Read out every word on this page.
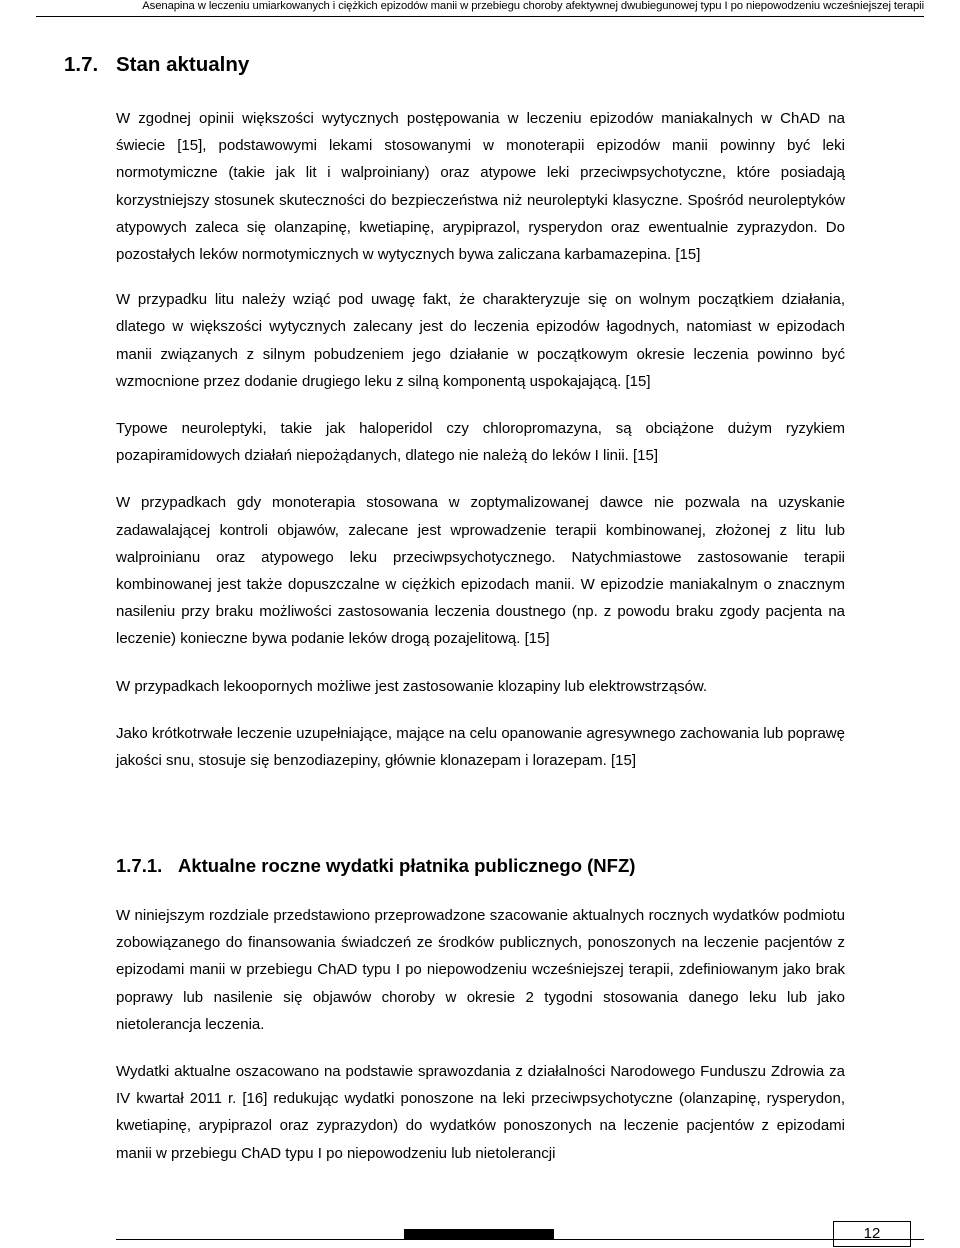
Asenapina w leczeniu umiarkowanych i ciężkich epizodów manii w przebiegu choroby afektywnej dwubiegunowej typu I po niepowodzeniu wcześniejszej terapii
1.7. Stan aktualny

W zgodnej opinii większości wytycznych postępowania w leczeniu epizodów maniakalnych w ChAD na świecie [15], podstawowymi lekami stosowanymi w monoterapii epizodów manii powinny być leki normotymiczne (takie jak lit i walproiniany) oraz atypowe leki przeciwpsychotyczne, które posiadają korzystniejszy stosunek skuteczności do bezpieczeństwa niż neuroleptyki klasyczne. Spośród neuroleptyków atypowych zaleca się olanzapinę, kwetiapinę, arypiprazol, rysperydon oraz ewentualnie zyprazydon. Do pozostałych leków normotymicznych w wytycznych bywa zaliczana karbamazepina. [15]

W przypadku litu należy wziąć pod uwagę fakt, że charakteryzuje się on wolnym początkiem działania, dlatego w większości wytycznych zalecany jest do leczenia epizodów łagodnych, natomiast w epizodach manii związanych z silnym pobudzeniem jego działanie w początkowym okresie leczenia powinno być wzmocnione przez dodanie drugiego leku z silną komponentą uspokajającą. [15]

Typowe neuroleptyki, takie jak haloperidol czy chloropromazyna, są obciążone dużym ryzykiem pozapiramidowych działań niepożądanych, dlatego nie należą do leków I linii. [15]

W przypadkach gdy monoterapia stosowana w zoptymalizowanej dawce nie pozwala na uzyskanie zadawalającej kontroli objawów, zalecane jest wprowadzenie terapii kombinowanej, złożonej z litu lub walproinianu oraz atypowego leku przeciwpsychotycznego. Natychmiastowe zastosowanie terapii kombinowanej jest także dopuszczalne w ciężkich epizodach manii. W epizodzie maniakalnym o znacznym nasileniu przy braku możliwości zastosowania leczenia doustnego (np. z powodu braku zgody pacjenta na leczenie) konieczne bywa podanie leków drogą pozajelitową. [15]

W przypadkach lekoopornych możliwe jest zastosowanie klozapiny lub elektrowstrząsów.

Jako krótkotrwałe leczenie uzupełniające, mające na celu opanowanie agresywnego zachowania lub poprawę jakości snu, stosuje się benzodiazepiny, głównie klonazepam i lorazepam. [15]

1.7.1. Aktualne roczne wydatki płatnika publicznego (NFZ)

W niniejszym rozdziale przedstawiono przeprowadzone szacowanie aktualnych rocznych wydatków podmiotu zobowiązanego do finansowania świadczeń ze środków publicznych, ponoszonych na leczenie pacjentów z epizodami manii w przebiegu ChAD typu I po niepowodzeniu wcześniejszej terapii, zdefiniowanym jako brak poprawy lub nasilenie się objawów choroby w okresie 2 tygodni stosowania danego leku lub jako nietolerancja leczenia.

Wydatki aktualne oszacowano na podstawie sprawozdania z działalności Narodowego Funduszu Zdrowia za IV kwartał 2011 r. [16] redukując wydatki ponoszone na leki przeciwpsychotyczne (olanzapinę, rysperydon, kwetiapinę, arypiprazol oraz zyprazydon) do wydatków ponoszonych na leczenie pacjentów z epizodami manii w przebiegu ChAD typu I po niepowodzeniu lub nietolerancji

12
